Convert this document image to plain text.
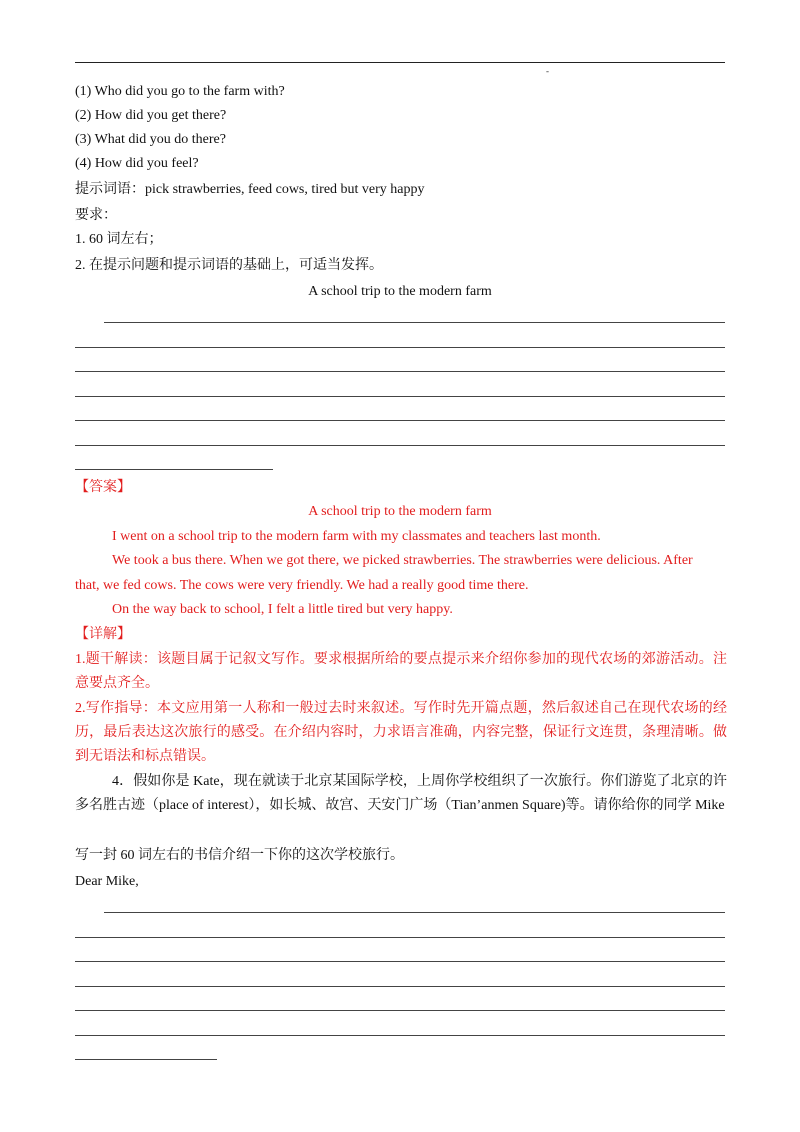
-
(1) Who did you go to the farm with?
(2) How did you get there?
(3) What did you do there?
(4) How did you feel?
提示词语：pick strawberries, feed cows, tired but very happy
要求：
1. 60 词左右；
2. 在提示问题和提示词语的基础上，可适当发挥。
A school trip to the modern farm
【答案】
A school trip to the modern farm
I went on a school trip to the modern farm with my classmates and teachers last month.
We took a bus there. When we got there, we picked strawberries. The strawberries were delicious. After
that, we fed cows. The cows were very friendly. We had a really good time there.
On the way back to school, I felt a little tired but very happy.
【详解】
1.题干解读：该题目属于记叙文写作。要求根据所给的要点提示来介绍你参加的现代农场的郊游活动。注意要点齐全。
2.写作指导：本文应用第一人称和一般过去时来叙述。写作时先开篇点题，然后叙述自己在现代农场的经历，最后表达这次旅行的感受。在介绍内容时，力求语言准确，内容完整，保证行文连贯，条理清晰。做到无语法和标点错误。
4．假如你是 Kate，现在就读于北京某国际学校，上周你学校组织了一次旅行。你们游览了北京的许多名胜古迹（place of interest），如长城、故宫、天安门广场（Tian’anmen Square)等。请你给你的同学 Mike
写一封 60 词左右的书信介绍一下你的这次学校旅行。
Dear Mike,
